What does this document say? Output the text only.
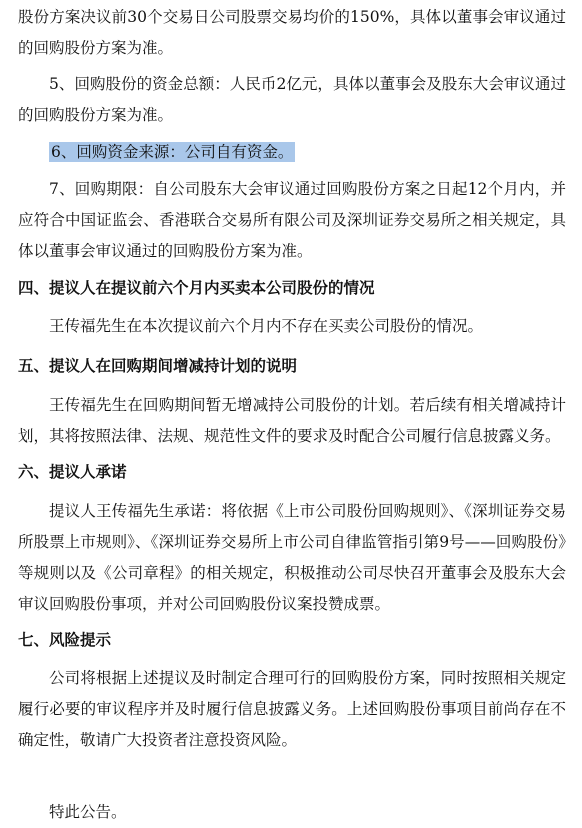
股份方案决议前30个交易日公司股票交易均价的150%，具体以董事会审议通过的回购股份方案为准。

5、回购股份的资金总额：人民币2亿元，具体以董事会及股东大会审议通过的回购股份方案为准。

6、回购资金来源：公司自有资金。

7、回购期限：自公司股东大会审议通过回购股份方案之日起12个月内，并应符合中国证监会、香港联合交易所有限公司及深圳证券交易所之相关规定，具体以董事会审议通过的回购股份方案为准。

四、提议人在提议前六个月内买卖本公司股份的情况

王传福先生在本次提议前六个月内不存在买卖公司股份的情况。

五、提议人在回购期间增减持计划的说明

王传福先生在回购期间暂无增减持公司股份的计划。若后续有相关增减持计划，其将按照法律、法规、规范性文件的要求及时配合公司履行信息披露义务。

六、提议人承诺

提议人王传福先生承诺：将依据《上市公司股份回购规则》、《深圳证券交易所股票上市规则》、《深圳证券交易所上市公司自律监管指引第9号——回购股份》等规则以及《公司章程》的相关规定，积极推动公司尽快召开董事会及股东大会审议回购股份事项，并对公司回购股份议案投赞成票。

七、风险提示

公司将根据上述提议及时制定合理可行的回购股份方案，同时按照相关规定履行必要的审议程序并及时履行信息披露义务。上述回购股份事项目前尚存在不确定性，敬请广大投资者注意投资风险。

特此公告。
